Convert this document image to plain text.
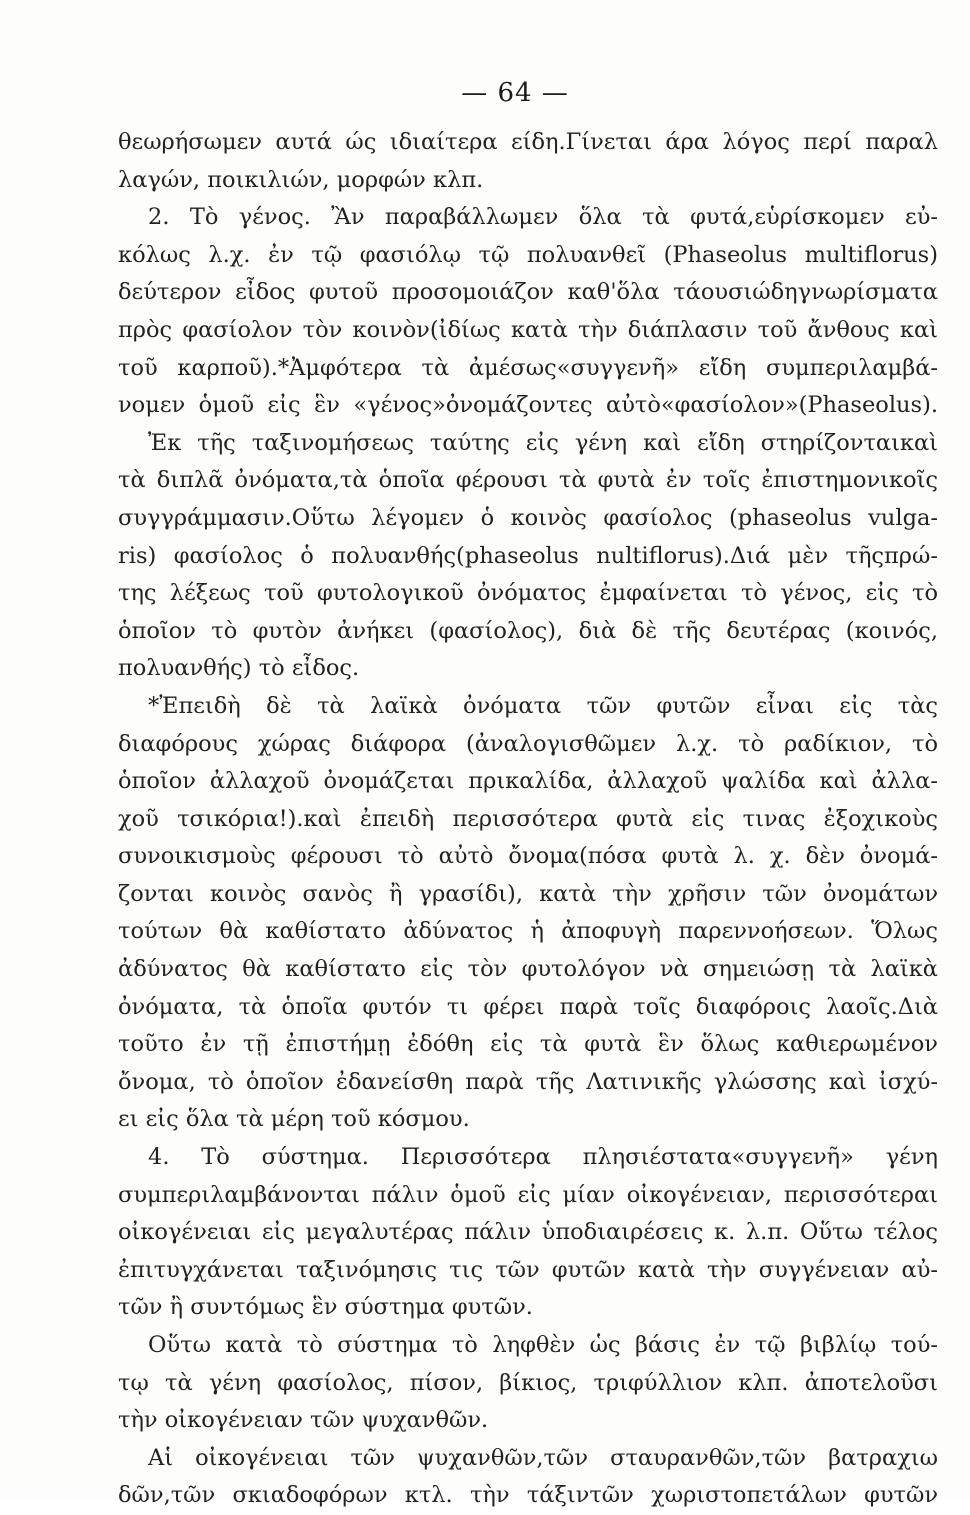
— 64 —
θεωρήσωμεν αυτά ώς ιδιαίτερα είδη.Γίνεται άρα λόγος περί παραλ
λαγών, ποικιλιών, μορφών κλπ.
2. Τὸ γένος. Ἂν παραβάλλωμεν ὅλα τὰ φυτά,εὑρίσκομεν εὐ-
κόλως λ.χ. ἐν τῷ φασιόλῳ τῷ πολυανθεῖ (Phaseolus multiflorus)
δεύτερον εἶδος φυτοῦ προσομοιάζον καθ'ὅλα τάουσιώδηγνωρίσματα
πρὸς φασίολον τὸν κοινὸν(ἰδίως κατὰ τὴν διάπλασιν τοῦ ἄνθους καὶ
τοῦ καρποῦ).*Ἀμφότερα τὰ ἀμέσως«συγγενῆ» εἴδη συμπεριλαμβά-
νομεν ὁμοῦ εἰς ἓν «γένος»ὀνομάζοντες αὐτὸ«φασίολον»(Phaseolus).
Ἐκ τῆς ταξινομήσεως ταύτης εἰς γένη καὶ εἴδη στηρίζονταικαὶ
τὰ διπλᾶ ὀνόματα,τὰ ὁποῖα φέρουσι τὰ φυτὰ ἐν τοῖς ἐπιστημονικοῖς
συγγράμμασιν.Οὕτω λέγομεν ὁ κοινὸς φασίολος (phaseolus vulga-
ris) φασίολος ὁ πολυανθής(phaseolus nultiflorus).Διά μὲν τῆςπρώ-
της λέξεως τοῦ φυτολογικοῦ ὀνόματος ἐμφαίνεται τὸ γένος, εἰς τὸ
ὁποῖον τὸ φυτὸν ἀνήκει (φασίολος), διὰ δὲ τῆς δευτέρας (κοινός,
πολυανθής) τὸ εἶδος.
*Ἐπειδὴ δὲ τὰ λαϊκὰ ὀνόματα τῶν φυτῶν εἶναι εἰς τὰς
διαφόρους χώρας διάφορα (ἀναλογισθῶμεν λ.χ. τὸ ραδίκιον, τὸ
ὁποῖον ἀλλαχοῦ ὀνομάζεται πρικαλίδα, ἀλλαχοῦ ψαλίδα καὶ ἀλλα-
χοῦ τσικόρια!).καὶ ἐπειδὴ περισσότερα φυτὰ εἰς τινας ἐξοχικοὺς
συνοικισμοὺς φέρουσι τὸ αὐτὸ ὄνομα(πόσα φυτὰ λ. χ. δὲν ὀνομά-
ζονται κοινὸς σανὸς ἢ γρασίδι), κατὰ τὴν χρῆσιν τῶν ὀνομάτων
τούτων θὰ καθίστατο ἀδύνατος ἡ ἀποφυγὴ παρεννοήσεων. Ὅλως
ἀδύνατος θὰ καθίστατο εἰς τὸν φυτολόγον νὰ σημειώσῃ τὰ λαϊκὰ
ὀνόματα, τὰ ὁποῖα φυτόν τι φέρει παρὰ τοῖς διαφόροις λαοῖς.Διὰ
τοῦτο ἐν τῇ ἐπιστήμῃ ἐδόθη εἰς τὰ φυτὰ ἓν ὅλως καθιερωμένον
ὄνομα, τὸ ὁποῖον ἐδανείσθη παρὰ τῆς Λατινικῆς γλώσσης καὶ ἰσχύ-
ει εἰς ὅλα τὰ μέρη τοῦ κόσμου.
4. Τὸ σύστημα. Περισσότερα πλησιέστατα«συγγενῆ» γένη
συμπεριλαμβάνονται πάλιν ὁμοῦ εἰς μίαν οἰκογένειαν, περισσότεραι
οἰκογένειαι εἰς μεγαλυτέρας πάλιν ὑποδιαιρέσεις κ. λ.π. Οὕτω τέλος
ἐπιτυγχάνεται ταξινόμησις τις τῶν φυτῶν κατὰ τὴν συγγένειαν αὐ-
τῶν ἢ συντόμως ἓν σύστημα φυτῶν.
Οὕτω κατὰ τὸ σύστημα τὸ ληφθὲν ὡς βάσις ἐν τῷ βιβλίῳ τού-
τῳ τὰ γένη φασίολος, πίσον, βίκιος, τριφύλλιον κλπ. ἀποτελοῦσι
τὴν οἰκογένειαν τῶν ψυχανθῶν.
Αἱ οἰκογένειαι τῶν ψυχανθῶν,τῶν σταυρανθῶν,τῶν βατραχιω
δῶν,τῶν σκιαδοφόρων κτλ. τὴν τάξιντῶν χωριστοπετάλων φυτῶν
